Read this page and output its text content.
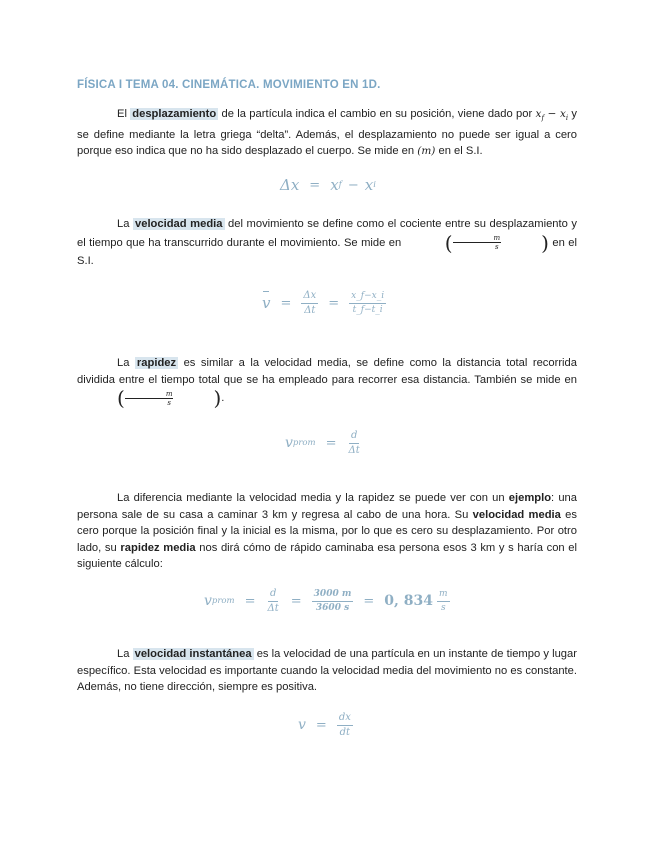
FÍSICA I TEMA 04. CINEMÁTICA. MOVIMIENTO EN 1D.

El desplazamiento de la partícula indica el cambio en su posición, viene dado por $x_f - x_i$ y se define mediante la letra griega “delta”. Además, el desplazamiento no puede ser igual a cero porque eso indica que no ha sido desplazado el cuerpo. Se mide en (m) en el S.I.

Δx = x f − x i

La velocidad media del movimiento se define como el cociente entre su desplazamiento y el tiempo que ha transcurrido durante el movimiento. Se mide en	(	m
s	) en el S.I.

$v = \frac{\Delta x}{\Delta t} = \frac{x\_f-x\_i}{t\_f-t\_i}$

La rapidez es similar a la velocidad media, se define como la distancia total recorrida dividida entre el tiempo total que se ha empleado para recorrer esa distancia. También se mide en
(	m
s	) .

v prom = $\frac{d}{\Delta t}$

La diferencia mediante la velocidad media y la rapidez se puede ver con un ejemplo: una persona sale de su casa a caminar 3 km y regresa al cabo de una hora. Su velocidad media es cero porque la posición final y la inicial es la misma, por lo que es cero su desplazamiento. Por otro lado, su rapidez media nos dirá cómo de rápido caminaba esa persona esos 3 km y s haría con el siguiente cálculo:

v prom = $\frac{d}{\Delta t} = \frac{3000 m}{3600 s} = 0$, $834 \frac{m}{s}$

La velocidad instantánea es la velocidad de una partícula en un instante de tiempo y lugar específico. Esta velocidad es importante cuando la velocidad media del movimiento no es constante. Además, no tiene dirección, siempre es positiva.

$v = \frac{dx}{dt}$
